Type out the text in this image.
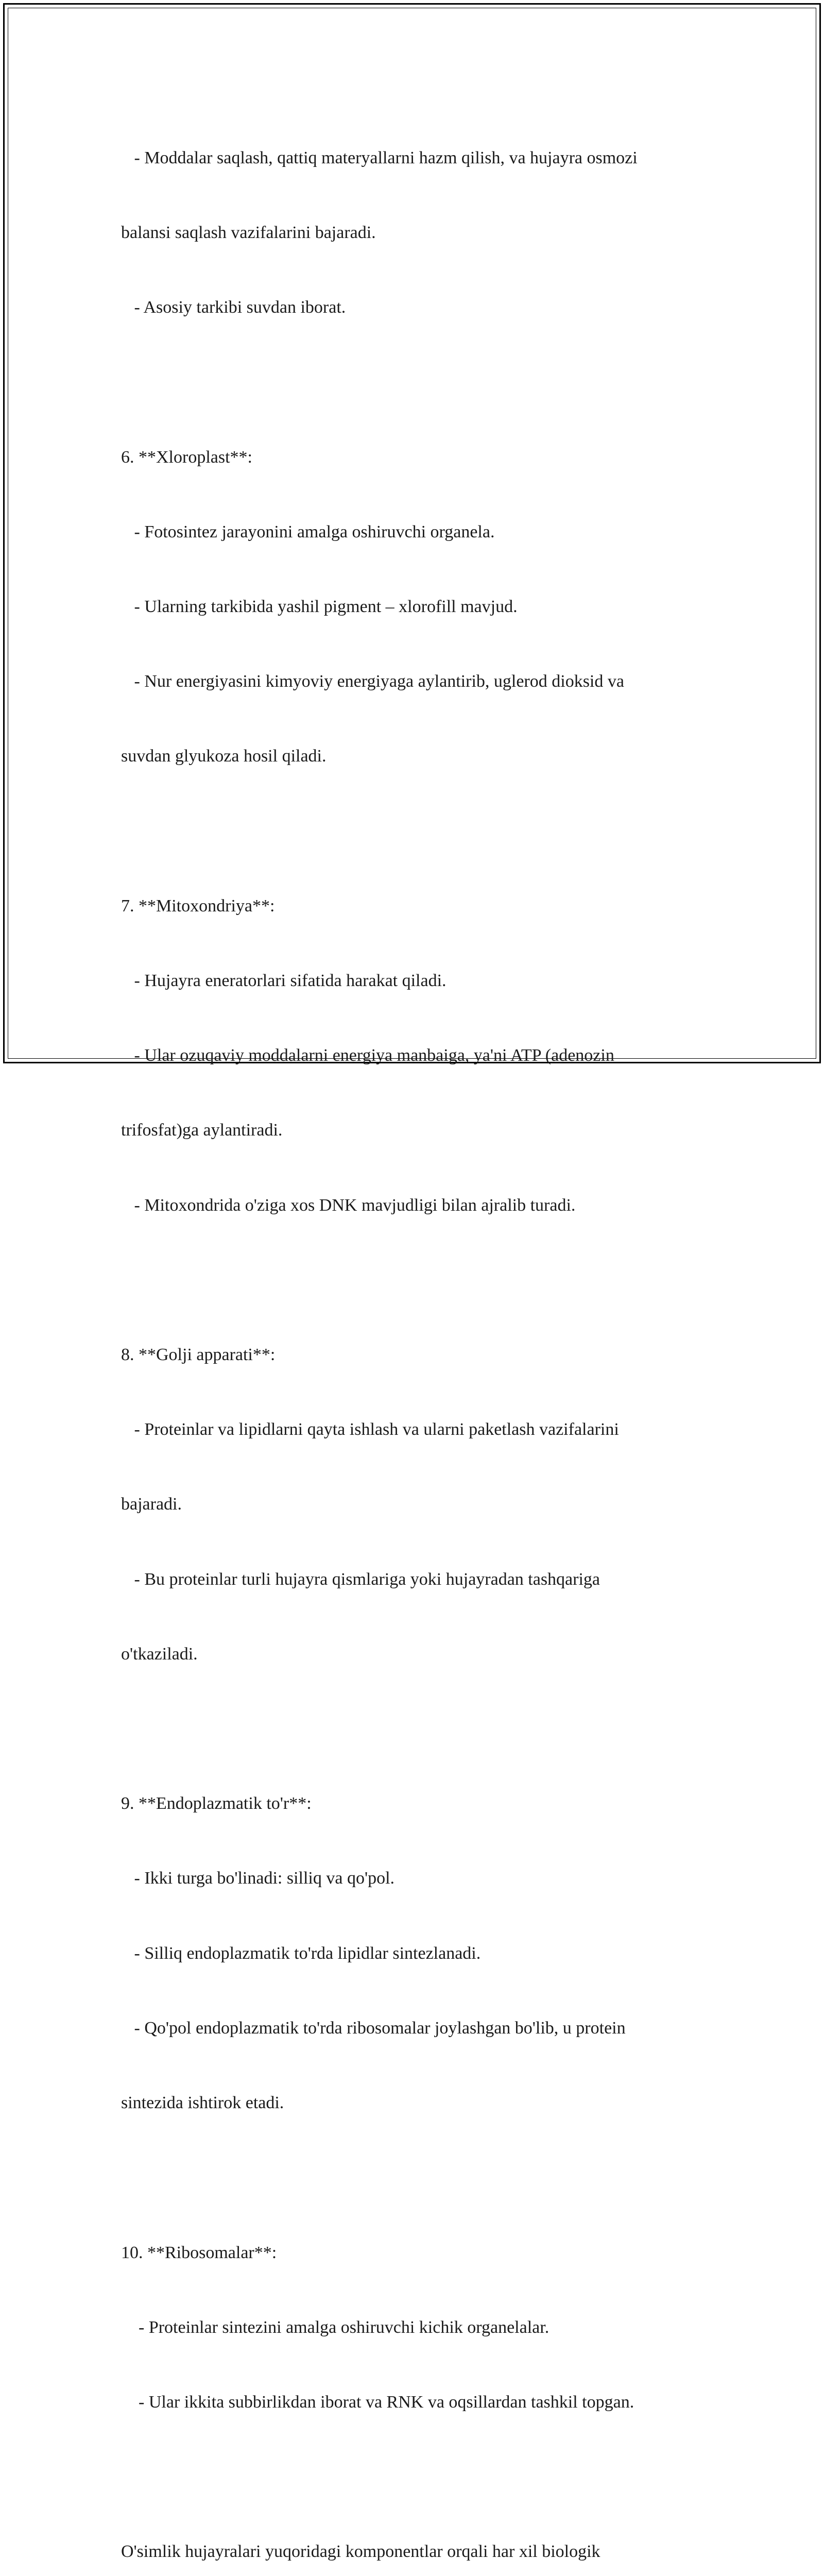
- Moddalar saqlash, qattiq materyallarni hazm qilish, va hujayra osmozi

balansi saqlash vazifalarini bajaradi.

- Asosiy tarkibi suvdan iborat.

6. **Xloroplast**:

- Fotosintez jarayonini amalga oshiruvchi organela.

- Ularning tarkibida yashil pigment – xlorofill mavjud.

- Nur energiyasini kimyoviy energiyaga aylantirib, uglerod dioksid va

suvdan glyukoza hosil qiladi.

7. **Mitoxondriya**:

- Hujayra eneratorlari sifatida harakat qiladi.

- Ular ozuqaviy moddalarni energiya manbaiga, ya'ni ATP (adenozin

trifosfat)ga aylantiradi.

- Mitoxondrida o'ziga xos DNK mavjudligi bilan ajralib turadi.

8. **Golji apparati**:

- Proteinlar va lipidlarni qayta ishlash va ularni paketlash vazifalarini

bajaradi.

- Bu proteinlar turli hujayra qismlariga yoki hujayradan tashqariga

o'tkaziladi.

9. **Endoplazmatik to'r**:

- Ikki turga bo'linadi: silliq va qo'pol.

- Silliq endoplazmatik to'rda lipidlar sintezlanadi.

- Qo'pol endoplazmatik to'rda ribosomalar joylashgan bo'lib, u protein

sintezida ishtirok etadi.

10. **Ribosomalar**:

- Proteinlar sintezini amalga oshiruvchi kichik organelalar.

- Ular ikkita subbirlikdan iborat va RNK va oqsillardan tashkil topgan.

O'simlik hujayralari yuqoridagi komponentlar orqali har xil biologik
